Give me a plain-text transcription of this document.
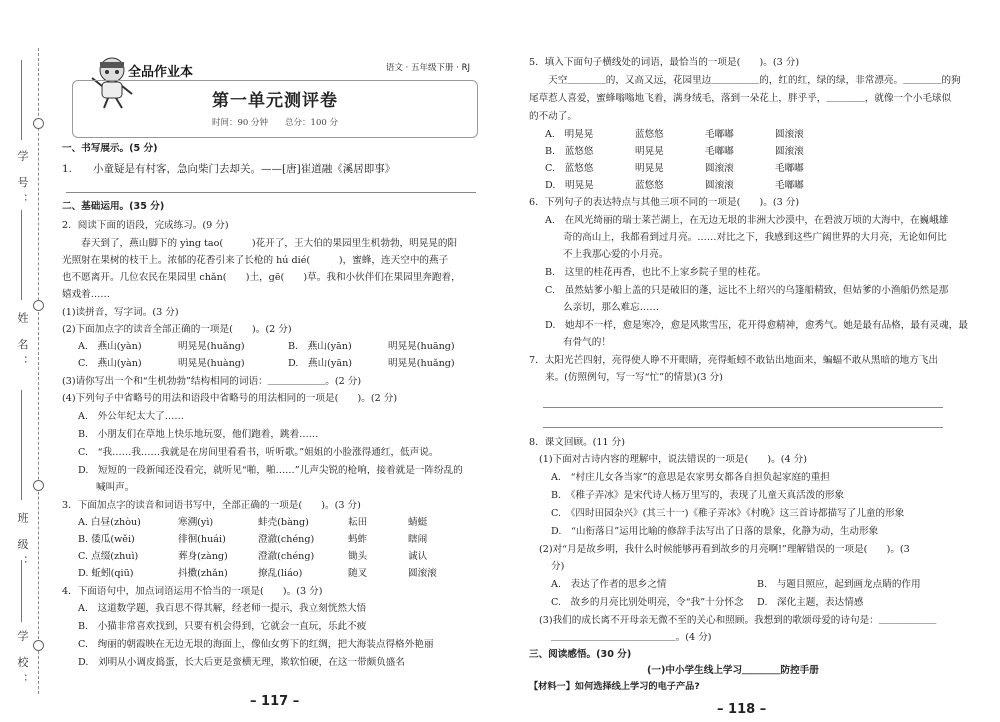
学 号：
姓 名：
班 级：
学 校：
全品作业本	语文 · 五年级下册 · RJ
第一单元测评卷
时间：90 分钟　　总分：100 分
一、书写展示。(5 分)
1.　　小童疑是有村客，急向柴门去却关。——[唐]崔道融《溪居即事》
二、基础运用。(35 分)
2．阅读下面的语段，完成练习。(9 分)
　　春天到了，燕山脚下的 yìng tao(　　　)花开了，王大伯的果园里生机勃勃，明晃晃的阳
光照射在果树的枝干上。浓郁的花香引来了长枪的 hú dié(　　　)，蜜蜂，连天空中的燕子
也不愿离开。几位农民在果园里 chǎn(　　)土，gē(　　)草。我和小伙伴们在果园里奔跑着，
嬉戏着……
(1)读拼音，写字词。(3 分)
(2)下面加点字的读音全部正确的一项是(　　)。(2 分)
A.　燕山(yàn)	明晃晃(huǎng)	B.　燕山(yān)	明晃晃(huāng)
C.　燕山(yàn)	明晃晃(huàng)	D.　燕山(yān)	明晃晃(huǎng)
(3)请你写出一个和“生机勃勃”结构相同的词语：＿＿＿＿＿＿。(2 分)
(4)下列句子中省略号的用法和语段中省略号的用法相同的一项是(　　)。(2 分)
A.　外公年纪太大了……
B.　小朋友们在草地上快乐地玩耍，他们跑着，跳着……
C.　“我……我……我就是在房间里看看书，听听歌。”姐姐的小脸涨得通红，低声说。
D.　短短的一段新闻还没看完，就听见“啪，啪……”儿声尖锐的枪响，接着就是一阵纷乱的
喊叫声。
3．下面加点字的读音和词语书写中，全部正确的一项是(　　)。(3 分)
A. 白昼(zhòu)	寒溯(yì)	蚌壳(bàng)	耘田	蜻蜓
B. 倭瓜(wěi)	徘徊(huái)	澄澈(chéng)	蚂蚱	瞎闹
C. 点缀(zhuì)	葬身(zàng)	澄澈(chéng)	锄头	诚认
D. 蚯蚓(qiū)	抖擞(zhǎn)	撩乱(liáo)	随叉	圆滚滚
4．下面语句中，加点词语运用不恰当的一项是(　　)。(3 分)
A.　这道数学题，我百思不得其解，经老师一提示，我立刻恍然大悟
B.　小猫非常喜欢找到，只要有机会得到，它就会一直玩，乐此不疲
C.　绚丽的朝霞映在无边无垠的海面上，像仙女剪下的红绸，把大海装点得格外艳丽
D.　刘明从小调皮捣蛋，长大后更是蛮横无理，欺软怕硬，在这一带颇负盛名
– 117 –
5．填入下面句子横线处的词语，最恰当的一项是(　　)。(3 分)
　　天空＿＿＿＿的，又高又远，花园里边＿＿＿＿＿的，红的红，绿的绿，非常漂亮。＿＿＿＿的狗
尾草惹人喜爱，蜜蜂嗡嗡地飞着，满身绒毛，落到一朵花上，胖乎乎，＿＿＿＿，就像一个小毛球似
的不动了。
A.　明晃晃	蓝悠悠	毛嘟嘟	圆滚滚
B.　蓝悠悠	明晃晃	毛嘟嘟	圆滚滚
C.　蓝悠悠	明晃晃	圆滚滚	毛嘟嘟
D.　明晃晃	蓝悠悠	圆滚滚	毛嘟嘟
6．下列句子的表达特点与其他三项不同的一项是(　　)。(3 分)
A.　在风光绮丽的瑞士莱芒湖上，在无边无垠的非洲大沙漠中，在碧波万顷的大海中，在巍峨雄
奇的高山上，我都看到过月亮。……对比之下，我感到这些广阔世界的大月亮，无论如何比
不上我那心爱的小月亮。
B.　这里的桂花再香，也比不上家乡院子里的桂花。
C.　虽然姑爹小船上盖的只是破旧的蓬，远比不上绍兴的乌篷船精致，但姑爹的小渔船仍然是那
么亲切，那么难忘……
D.　她却不一样，愈是寒冷，愈是风欺雪压，花开得愈精神，愈秀气。她是最有品格，最有灵魂，最
有骨气的！
7．太阳光芒四射，亮得使人睁不开眼睛，亮得蚯蚓不敢钻出地面来，蝙蝠不敢从黑暗的地方飞出
来。(仿照例句，写一写“忙”的情景)(3 分)
8．课文回顾。(11 分)
(1)下面对古诗内容的理解中，说法错误的一项是(　　)。(4 分)
A.　“村庄儿女各当家”的意思是农家男女都各自担负起家庭的重担
B.　《稚子弄冰》是宋代诗人杨万里写的，表现了儿童天真活泼的形象
C.　《四时田园杂兴》(其三十一)《稚子弄冰》《村晚》这三首诗都描写了儿童的形象
D.　“山衔落日”运用比喻的修辞手法写出了日落的景象，化静为动，生动形象
(2)对“月是故乡明，我什么时候能够再看到故乡的月亮啊!”理解错误的一项是(　　)。(3
分)
A.　表达了作者的思乡之情	B.　与题目照应，起到画龙点睛的作用
C.　故乡的月亮比别处明亮，令“我”十分怀念 D.　深化主题，表达情感
(3)我们的成长离不开母亲无微不至的关心和照顾。我想到的歌颂母爱的诗句是：＿＿＿＿＿＿
＿＿＿＿＿＿＿＿＿＿＿＿＿。(4 分)
三、阅读感悟。(30 分)
(一)中小学生线上学习＿＿＿＿防控手册
【材料一】如何选择线上学习的电子产品?
– 118 –
